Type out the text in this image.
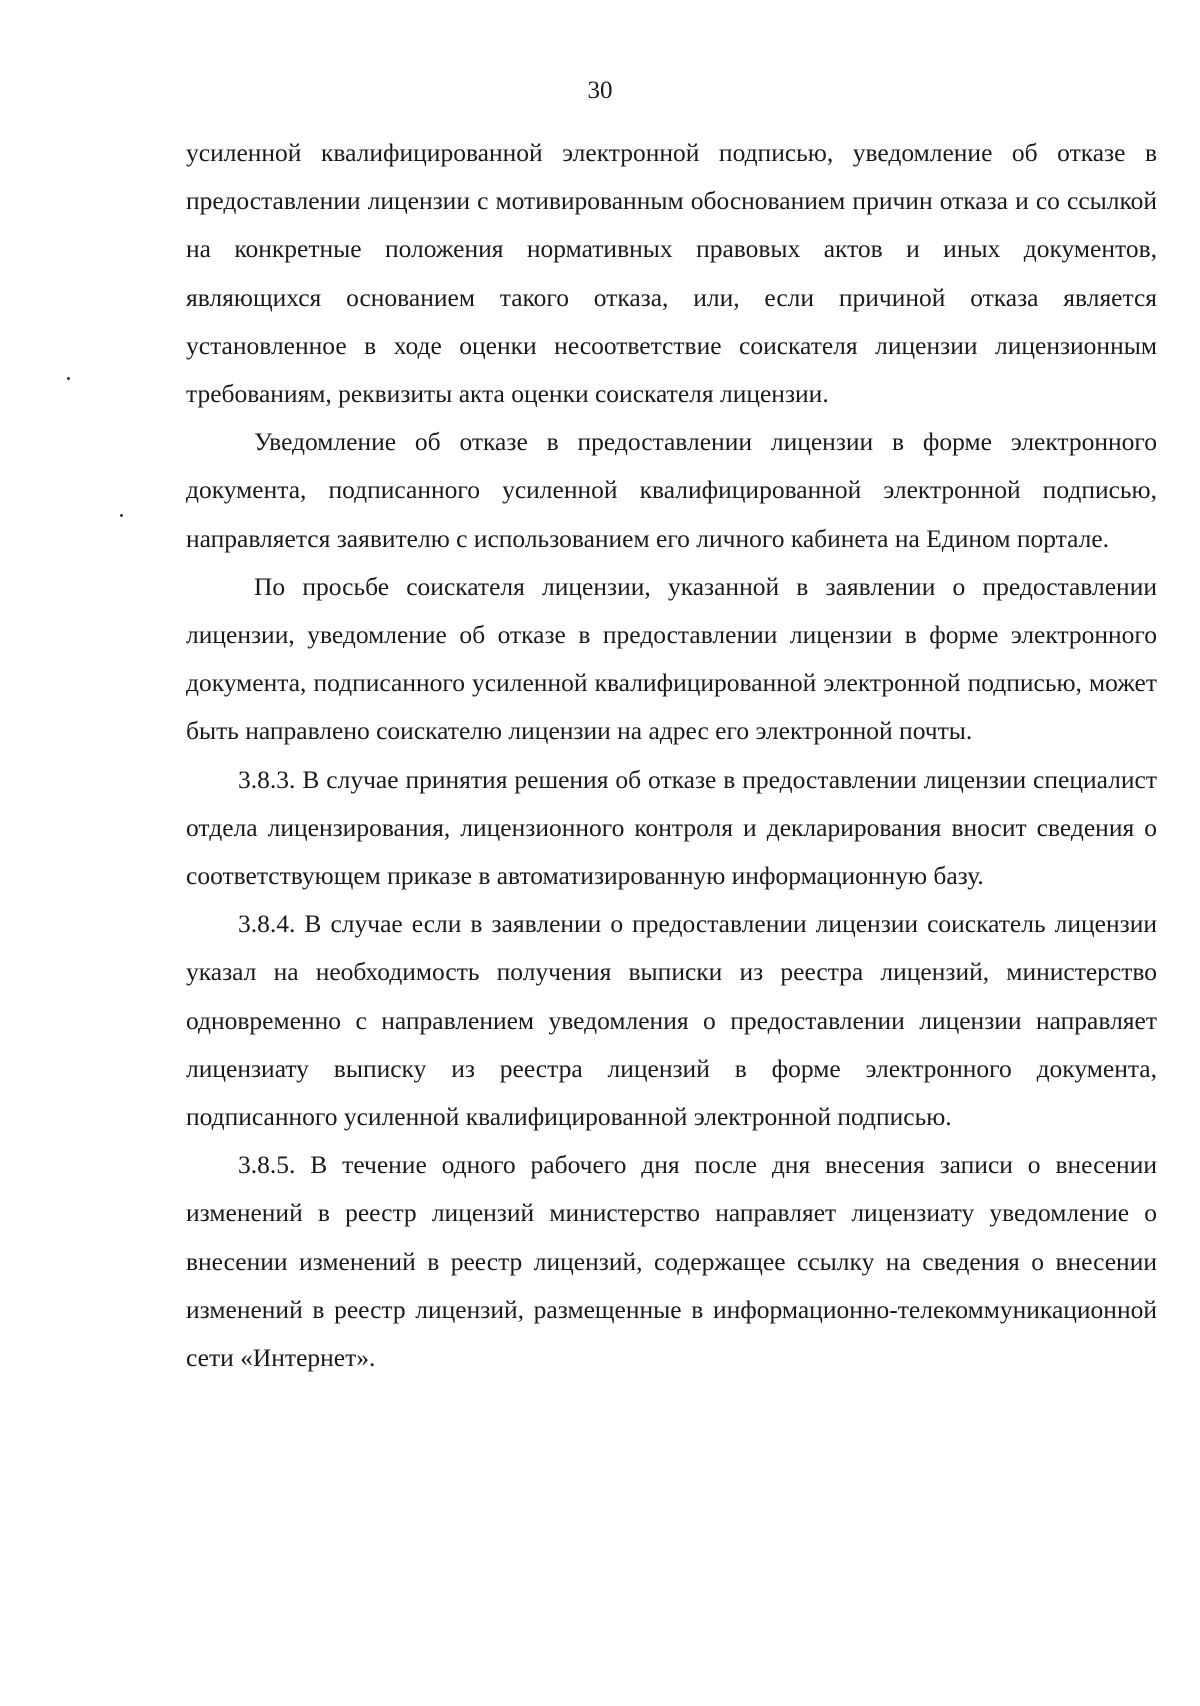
30

усиленной квалифицированной электронной подписью, уведомление об отказе в предоставлении лицензии с мотивированным обоснованием причин отказа и со ссылкой на конкретные положения нормативных правовых актов и иных документов, являющихся основанием такого отказа, или, если причиной отказа является установленное в ходе оценки несоответствие соискателя лицензии лицензионным требованиям, реквизиты акта оценки соискателя лицензии.

Уведомление об отказе в предоставлении лицензии в форме электронного документа, подписанного усиленной квалифицированной электронной подписью, направляется заявителю с использованием его личного кабинета на Едином портале.

По просьбе соискателя лицензии, указанной в заявлении о предоставлении лицензии, уведомление об отказе в предоставлении лицензии в форме электронного документа, подписанного усиленной квалифицированной электронной подписью, может быть направлено соискателю лицензии на адрес его электронной почты.

3.8.3. В случае принятия решения об отказе в предоставлении лицензии специалист отдела лицензирования, лицензионного контроля и декларирования вносит сведения о соответствующем приказе в автоматизированную информационную базу.

3.8.4. В случае если в заявлении о предоставлении лицензии соискатель лицензии указал на необходимость получения выписки из реестра лицензий, министерство одновременно с направлением уведомления о предоставлении лицензии направляет лицензиату выписку из реестра лицензий в форме электронного документа, подписанного усиленной квалифицированной электронной подписью.

3.8.5. В течение одного рабочего дня после дня внесения записи о внесении изменений в реестр лицензий министерство направляет лицензиату уведомление о внесении изменений в реестр лицензий, содержащее ссылку на сведения о внесении изменений в реестр лицензий, размещенные в информационно-телекоммуникационной сети «Интернет».
